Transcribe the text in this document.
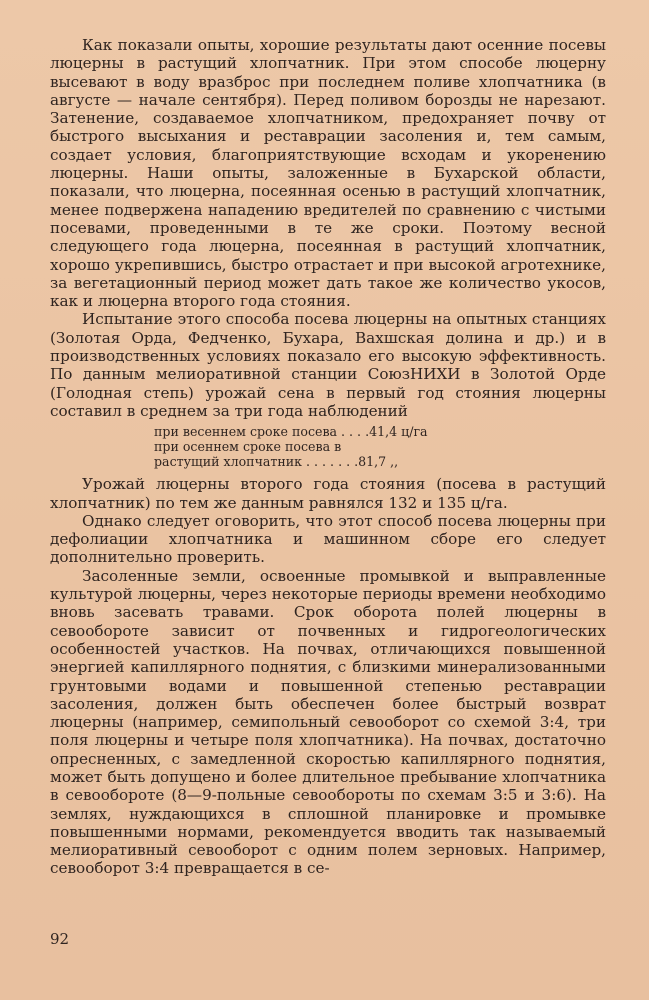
Как показали опыты, хорошие результаты дают осенние посевы люцерны в растущий хлопчатник. При этом способе люцерну высевают в воду вразброс при последнем поливе хлопчатника (в августе — начале сентября). Перед поливом борозды не нарезают. Затенение, создаваемое хлопчатником, предохраняет почву от быстрого высыхания и реставрации засоления и, тем самым, создает условия, благоприятствующие всходам и укоренению люцерны. Наши опыты, заложенные в Бухарской области, показали, что люцерна, посеянная осенью в растущий хлопчатник, менее подвержена нападению вредителей по сравнению с чистыми посевами, проведенными в те же сроки. Поэтому весной следующего года люцерна, посеянная в растущий хлопчатник, хорошо укрепившись, быстро отрастает и при высокой агротехнике, за вегетационный период может дать такое же количество укосов, как и люцерна второго года стояния.

Испытание этого способа посева люцерны на опытных станциях (Золотая Орда, Федченко, Бухара, Вахшская долина и др.) и в производственных условиях показало его высокую эффективность. По данным мелиоративной станции СоюзНИХИ в Золотой Орде (Голодная степь) урожай сена в первый год стояния люцерны составил в среднем за три года наблюдений

при весеннем сроке посева . . . .41,4 ц/га
при осеннем сроке посева в
растущий хлопчатник . . . . . . .81,7 ,,

Урожай люцерны второго года стояния (посева в растущий хлопчатник) по тем же данным равнялся 132 и 135 ц/га.

Однако следует оговорить, что этот способ посева люцерны при дефолиации хлопчатника и машинном сборе его следует дополнительно проверить.

Засоленные земли, освоенные промывкой и выправленные культурой люцерны, через некоторые периоды времени необходимо вновь засевать травами. Срок оборота полей люцерны в севообороте зависит от почвенных и гидрогеологических особенностей участков. На почвах, отличающихся повышенной энергией капиллярного поднятия, с близкими минерализованными грунтовыми водами и повышенной степенью реставрации засоления, должен быть обеспечен более быстрый возврат люцерны (например, семипольный севооборот со схемой 3:4, три поля люцерны и четыре поля хлопчатника). На почвах, достаточно опресненных, с замедленной скоростью капиллярного поднятия, может быть допущено и более длительное пребывание хлопчатника в севообороте (8—9-польные севообороты по схемам 3:5 и 3:6). На землях, нуждающихся в сплошной планировке и промывке повышенными нормами, рекомендуется вводить так называемый мелиоративный севооборот с одним полем зерновых. Например, севооборот 3:4 превращается в се-

92
